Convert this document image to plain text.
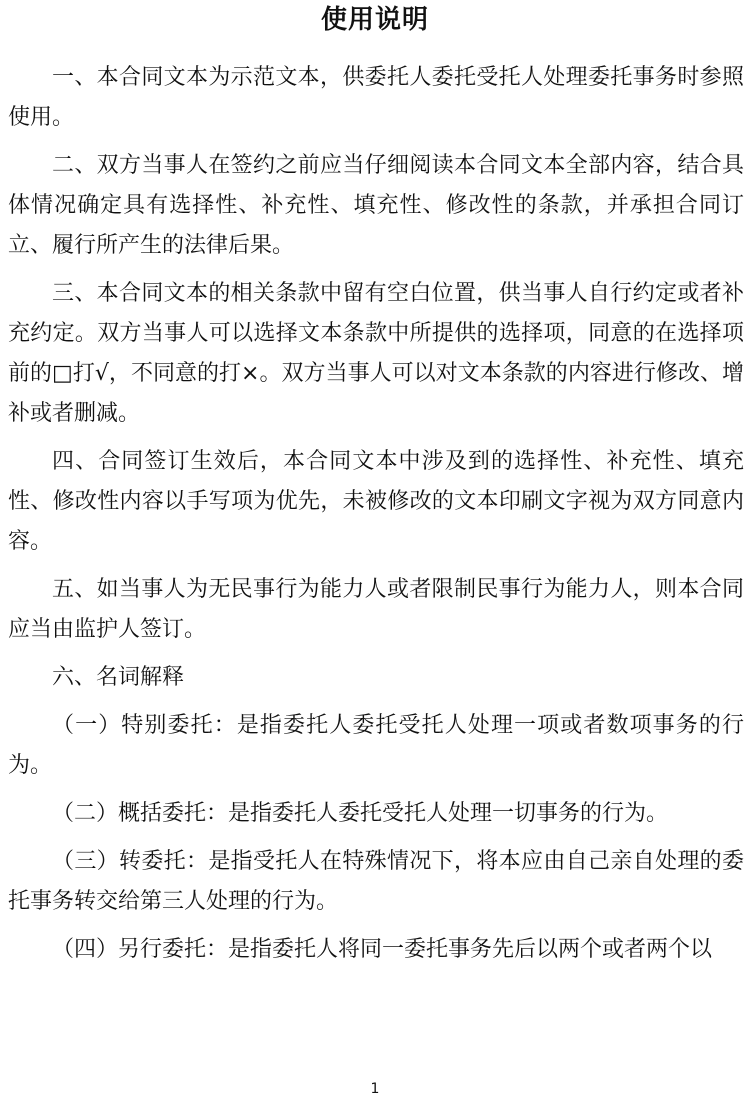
使用说明

一、本合同文本为示范文本，供委托人委托受托人处理委托事务时参照使用。

二、双方当事人在签约之前应当仔细阅读本合同文本全部内容，结合具体情况确定具有选择性、补充性、填充性、修改性的条款，并承担合同订立、履行所产生的法律后果。

三、本合同文本的相关条款中留有空白位置，供当事人自行约定或者补充约定。双方当事人可以选择文本条款中所提供的选择项，同意的在选择项前的□打√，不同意的打×。双方当事人可以对文本条款的内容进行修改、增补或者删减。

四、合同签订生效后，本合同文本中涉及到的选择性、补充性、填充性、修改性内容以手写项为优先，未被修改的文本印刷文字视为双方同意内容。

五、如当事人为无民事行为能力人或者限制民事行为能力人，则本合同应当由监护人签订。

六、名词解释

（一）特别委托：是指委托人委托受托人处理一项或者数项事务的行为。

（二）概括委托：是指委托人委托受托人处理一切事务的行为。

（三）转委托：是指受托人在特殊情况下，将本应由自己亲自处理的委托事务转交给第三人处理的行为。

（四）另行委托：是指委托人将同一委托事务先后以两个或者两个以

1
